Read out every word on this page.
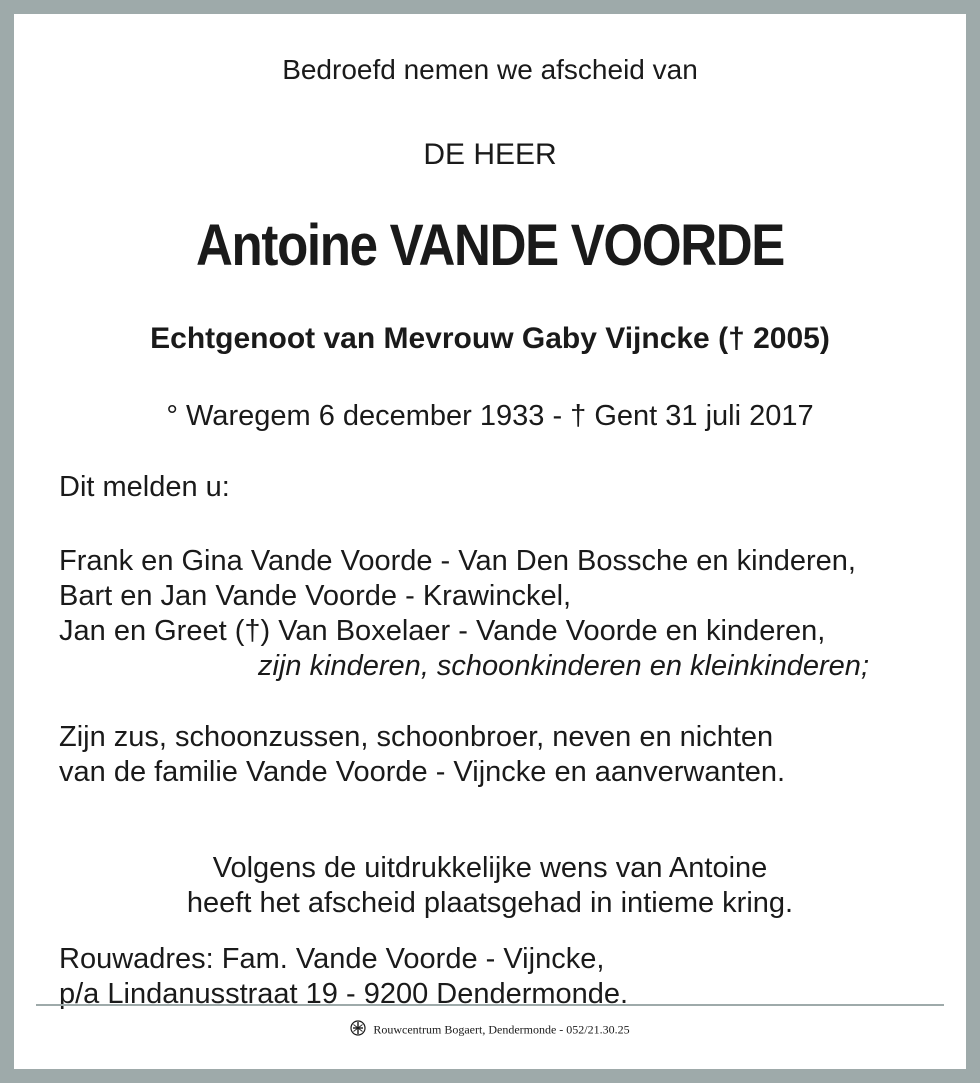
Bedroefd nemen we afscheid van

DE HEER

Antoine VANDE VOORDE

Echtgenoot van Mevrouw Gaby Vijncke († 2005)

° Waregem 6 december 1933 - † Gent 31 juli 2017

Dit melden u:

Frank en Gina Vande Voorde - Van Den Bossche en kinderen,

Bart en Jan Vande Voorde - Krawinckel,

Jan en Greet (†) Van Boxelaer - Vande Voorde en kinderen,

zijn kinderen, schoonkinderen en kleinkinderen;

Zijn zus, schoonzussen, schoonbroer, neven en nichten

van de familie Vande Voorde - Vijncke en aanverwanten.

Volgens de uitdrukkelijke wens van Antoine

heeft het afscheid plaatsgehad in intieme kring.

Rouwadres: Fam. Vande Voorde - Vijncke,

p/a Lindanusstraat 19 - 9200 Dendermonde.

Rouwcentrum Bogaert, Dendermonde - 052/21.30.25
